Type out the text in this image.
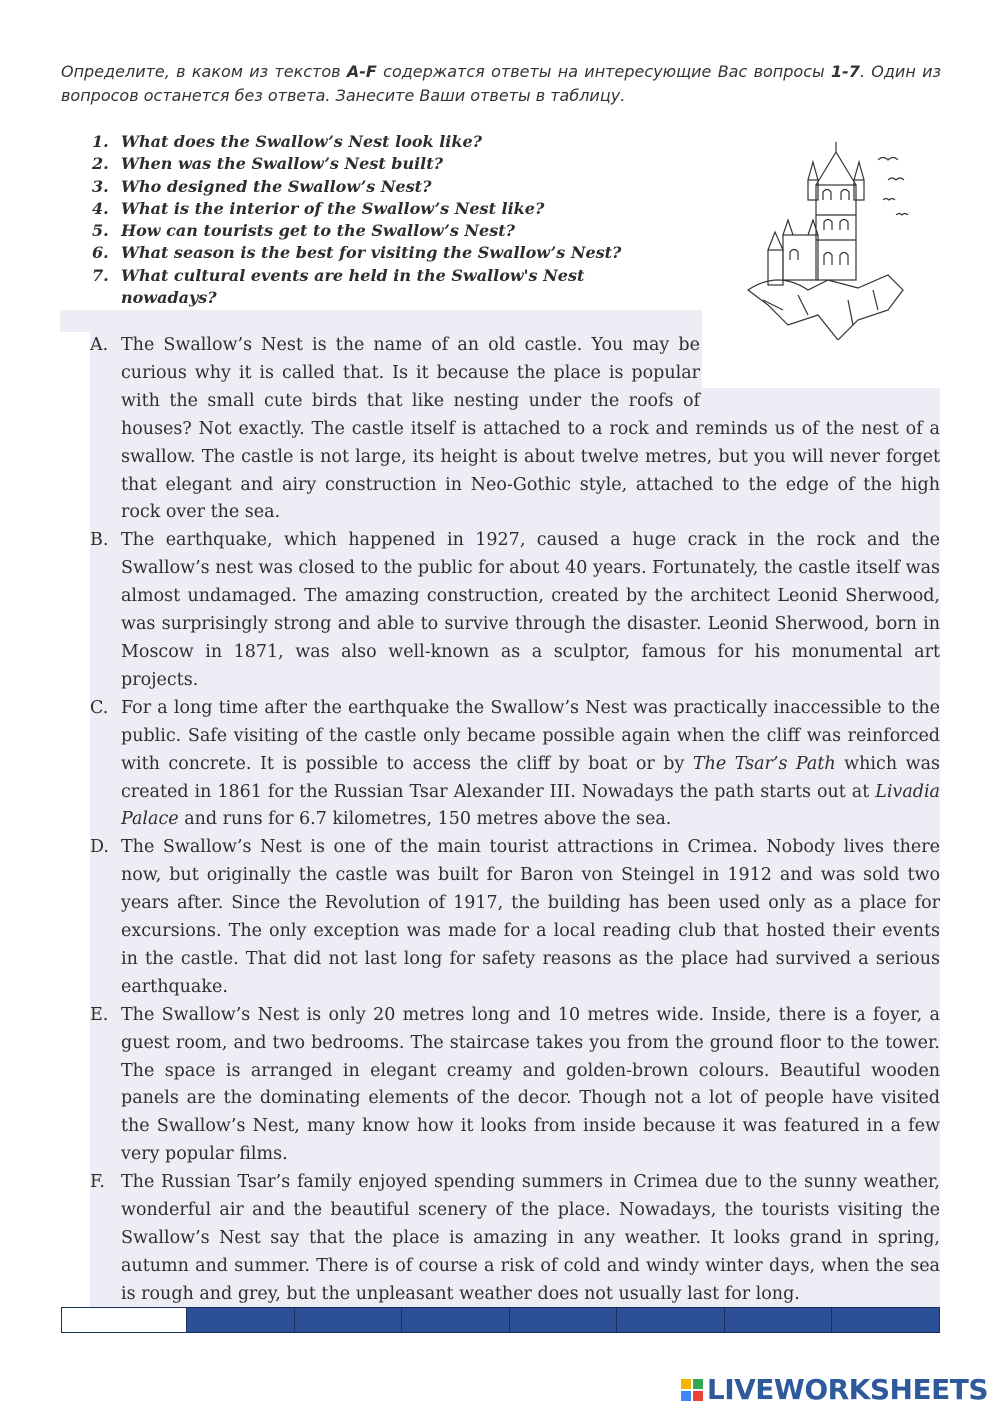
Определите, в каком из текстов A-F содержатся ответы на интересующие Вас вопросы 1-7. Один из вопросов останется без ответа. Занесите Ваши ответы в таблицу.
1. What does the Swallow’s Nest look like?
2. When was the Swallow’s Nest built?
3. Who designed the Swallow’s Nest?
4. What is the interior of the Swallow’s Nest like?
5. How can tourists get to the Swallow’s Nest?
6. What season is the best for visiting the Swallow’s Nest?
7. What cultural events are held in the Swallow's Nest nowadays?
A. The Swallow’s Nest is the name of an old castle. You may be curious why it is called that. Is it because the place is popular with the small cute birds that like nesting under the roofs of houses? Not exactly. The castle itself is attached to a rock and reminds us of the nest of a swallow. The castle is not large, its height is about twelve metres, but you will never forget that elegant and airy construction in Neo-Gothic style, attached to the edge of the high rock over the sea.
B. The earthquake, which happened in 1927, caused a huge crack in the rock and the Swallow’s nest was closed to the public for about 40 years. Fortunately, the castle itself was almost undamaged. The amazing construction, created by the architect Leonid Sherwood, was surprisingly strong and able to survive through the disaster. Leonid Sherwood, born in Moscow in 1871, was also well-known as a sculptor, famous for his monumental art projects.
C. For a long time after the earthquake the Swallow’s Nest was practically inaccessible to the public. Safe visiting of the castle only became possible again when the cliff was reinforced with concrete. It is possible to access the cliff by boat or by The Tsar’s Path which was created in 1861 for the Russian Tsar Alexander III. Nowadays the path starts out at Livadia Palace and runs for 6.7 kilometres, 150 metres above the sea.
D. The Swallow’s Nest is one of the main tourist attractions in Crimea. Nobody lives there now, but originally the castle was built for Baron von Steingel in 1912 and was sold two years after. Since the Revolution of 1917, the building has been used only as a place for excursions. The only exception was made for a local reading club that hosted their events in the castle. That did not last long for safety reasons as the place had survived a serious earthquake.
E. The Swallow’s Nest is only 20 metres long and 10 metres wide. Inside, there is a foyer, a guest room, and two bedrooms. The staircase takes you from the ground floor to the tower. The space is arranged in elegant creamy and golden-brown colours. Beautiful wooden panels are the dominating elements of the decor. Though not a lot of people have visited the Swallow’s Nest, many know how it looks from inside because it was featured in a few very popular films.
F. The Russian Tsar’s family enjoyed spending summers in Crimea due to the sunny weather, wonderful air and the beautiful scenery of the place. Nowadays, the tourists visiting the Swallow’s Nest say that the place is amazing in any weather. It looks grand in spring, autumn and summer. There is of course a risk of cold and windy winter days, when the sea is rough and grey, but the unpleasant weather does not usually last for long.

LIVEWORKSHEETS
